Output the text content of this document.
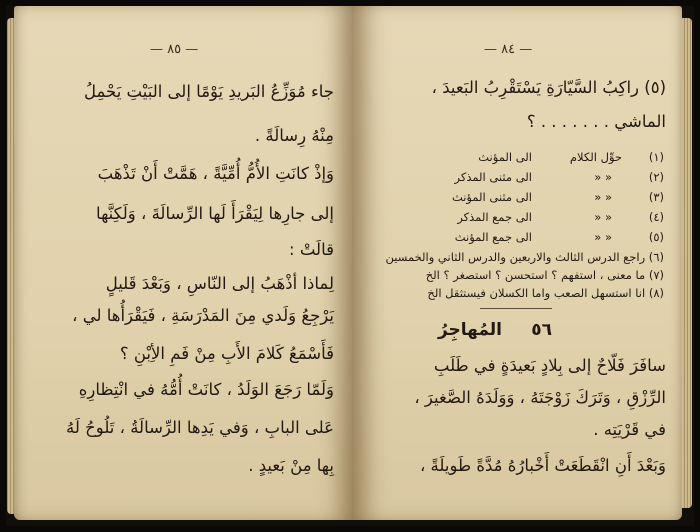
— ٨٥ —
جاء مُوَزِّعُ البَريدِ يَوْمًا إلى البَيْتِ يَحْمِلُ
مِنْهُ رِسالَةً .
وَإذْ كانَتِ الأُمُّ أُمِّيَّةً ، هَمَّتْ أَنْ تَذْهَبَ
إلى جارِها لِيَقْرَأَ لَها الرِّسالَةَ ، وَلَكِنَّها
قالَتْ :
لِماذا أذْهَبُ إلى النّاسِ ، وَبَعْدَ قَليلٍ
يَرْجِعُ وَلَدي مِنَ المَدْرَسَةِ ، فَيَقْرَأُها لي ،
فَأَسْمَعُ كَلامَ الأَبِ مِنْ فَمِ الأِبْنِ ؟
وَلَمّا رَجَعَ الوَلَدُ ، كانَتْ أُمُّهُ في انْتِظارِهِ
عَلى البابِ ، وَفي يَدِها الرِّسالَةُ ، تَلُوحُ لَهُ
بِها مِنْ بَعيدٍ .
— ٨٤ —
(٥) راكِبُ السَّيّارَةِ يَسْتَقْرِبُ البَعيدَ ،
الماشي . . . . . . . ؟
(١)
حوِّل الكلام
الى المؤنث
(٢)
« «
الى مثنى المذكر
(٣)
« «
الى مثنى المؤنث
(٤)
« «
الى جمع المذكر
(٥)
« «
الى جمع المؤنث
(٦) راجع الدرس الثالث والاربعين والدرس الثاني والخمسين
(٧) ما معنى ، استفهم ؟ استحسن ؟ استصغر ؟ الخ
(٨) انا استسهل الصعب واما الكسلان فيستثقل الخ
٥٦
المُهاجِرُ
سافَرَ فَلّاحٌ إلى بِلادٍ بَعيدَةٍ في طَلَبِ
الرِّزْقِ ، وَتَرَكَ زَوْجَتَهُ ، وَوَلَدَهُ الصَّغيرَ ،
في قَرْيَتِه .
وَبَعْدَ أَنِ انْقَطَعَتْ أَخْبارُهُ مُدَّةً طَويلَةً ،
